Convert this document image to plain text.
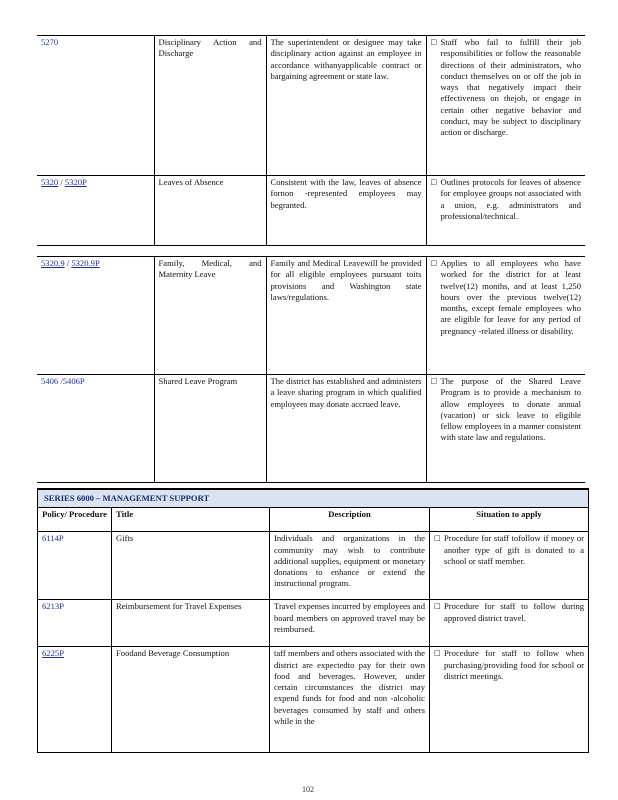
5270	Disciplinary Action and Discharge	The superintendent or designee may take disciplinary action against an employee in accordance withanyapplicable contract or bargaining agreement or state law.	□ Staff who fail to fulfill their job responsibilities or follow the reasonable directions of their administrators, who conduct themselves on or off the job in ways that negatively impact their effectiveness on thejob, or engage in certain other negative behavior and conduct, may be subject to disciplinary action or discharge.

5320 / 5320P	Leaves of Absence	Consistent with the law, leaves of absence fornon -represented employees may begranted.	□ Outlines protocols for leaves of absence for employee groups not associated with a union, e.g. administrators and professional/technical.
5320.9 / 5320.9P	Family, Medical, and Maternity Leave	Family and Medical Leavewill be provided for all eligible employees pursuant toits provisions and Washington state laws/regulations.	□ Applies to all employees who have worked for the district for at least twelve(12) months, and at least 1,250 hours over the previous twelve(12) months, except female employees who are eligible for leave for any period of pregnancy -related illness or disability.

5406 /5406P	Shared Leave Program	The district has established and administers a leave sharing program in which qualified employees may donate accrued leave.	□ The purpose of the Shared Leave Program is to provide a mechanism to allow employees to donate annual (vacation) or sick leave to eligible fellow employees in a manner consistent with state law and regulations.
SERIES 6000 – MANAGEMENT SUPPORT			
Policy/ Procedure	Title	Description	Situation to apply
6114P	Gifts	Individuals and organizations in the community may wish to contribute additional supplies, equipment or monetary donations to enhance or extend the instructional program.	□ Procedure for staff tofollow if money or another type of gift is donated to a school or staff member.

6213P	Reimbursement for Travel Expenses	Travel expenses incurred by employees and board members on approved travel may be reimbursed.	□ Procedure for staff to follow during approved district travel.

6225P	Foodand Beverage Consumption	taff members and others associated with the district are expectedto pay for their own food and beverages. However, under certain circumstances the district may expend funds for food and non -alcoholic beverages consumed by staff and others while in the	□ Procedure for staff to follow when purchasing/providing food for school or district meetings.
102
